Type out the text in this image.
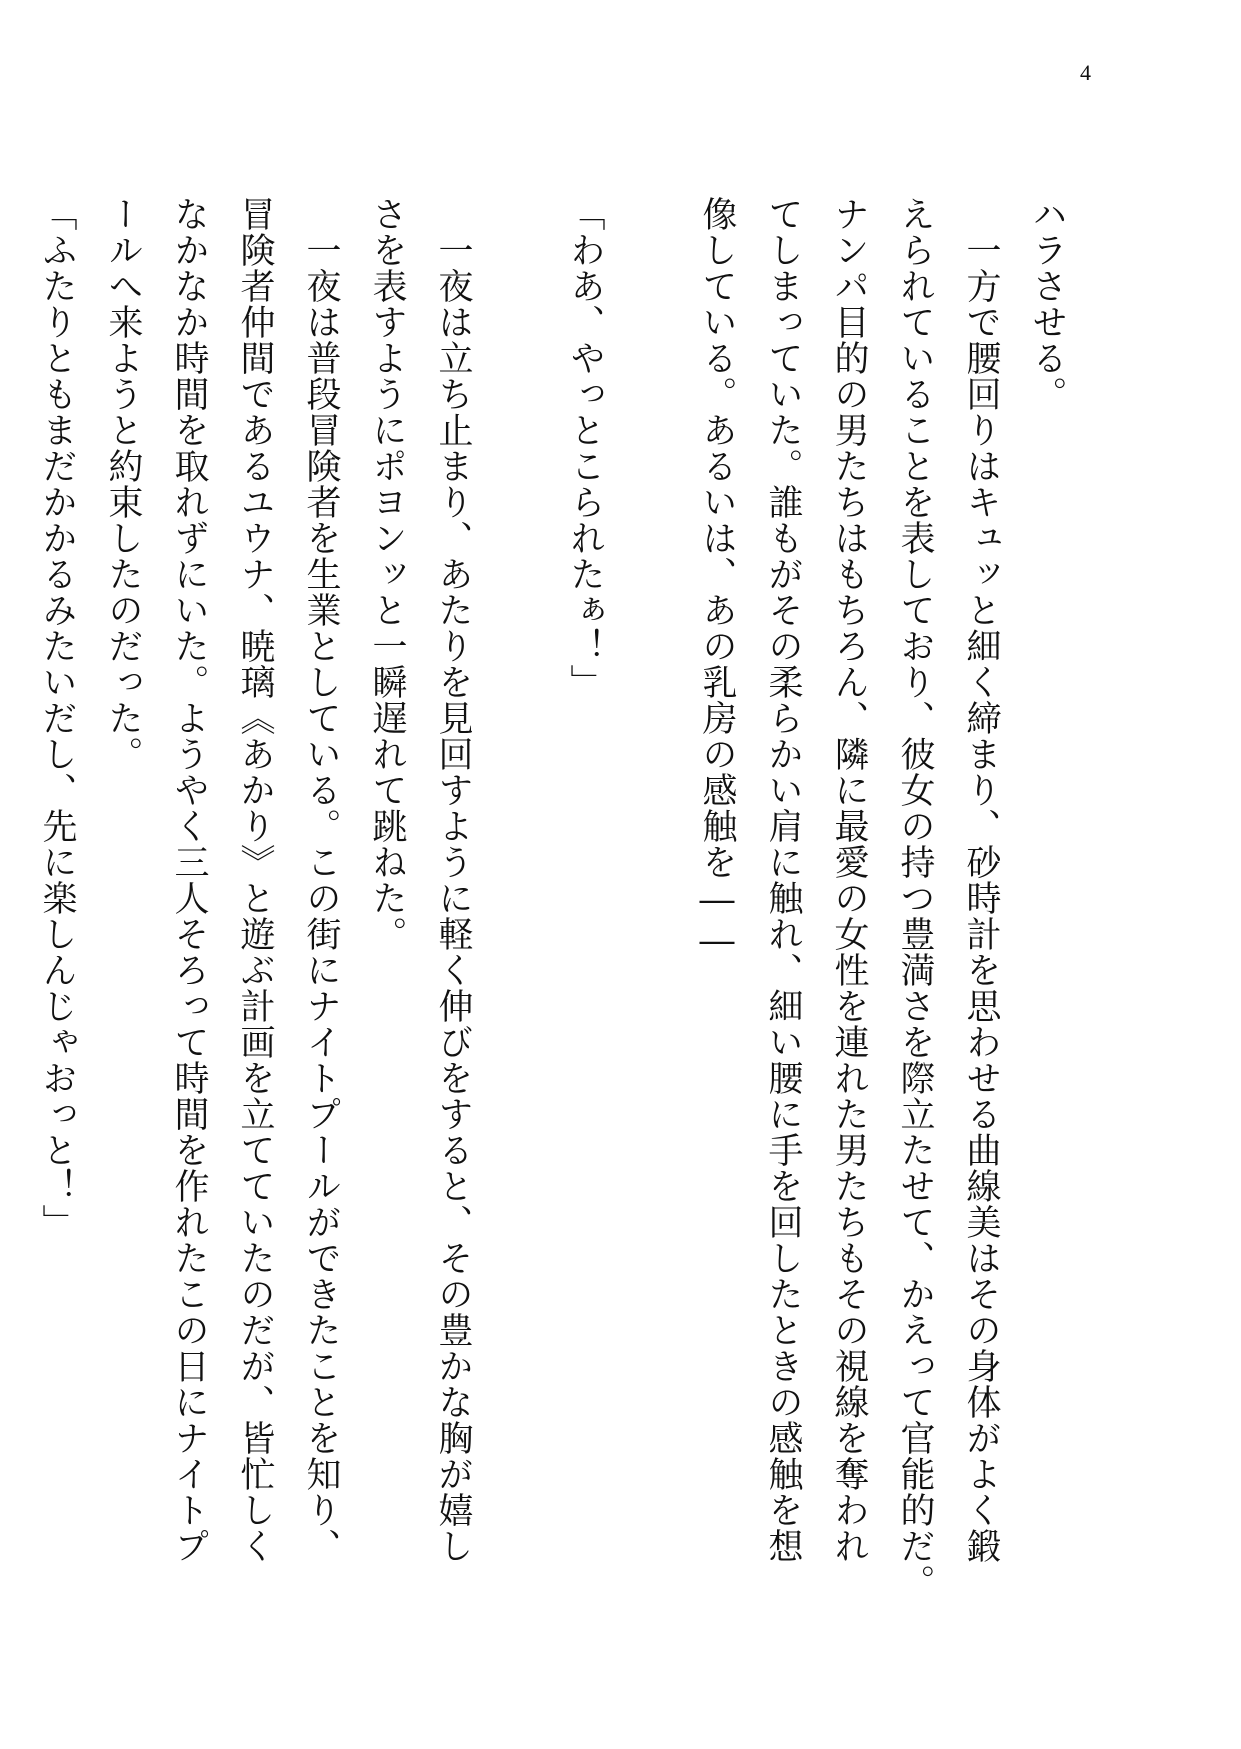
4
ハラさせる。
　一方で腰回りはキュッと細く締まり、砂時計を思わせる曲線美はその身体がよく鍛
えられていることを表しており、彼女の持つ豊満さを際立たせて、かえって官能的だ。
ナンパ目的の男たちはもちろん、隣に最愛の女性を連れた男たちもその視線を奪われ
てしまっていた。誰もがその柔らかい肩に触れ、細い腰に手を回したときの感触を想
像している。あるいは、あの乳房の感触を――
「わあ、やっとこられたぁ！」
　一夜は立ち止まり、あたりを見回すように軽く伸びをすると、その豊かな胸が嬉し
さを表すようにポヨンッと一瞬遅れて跳ねた。
　一夜は普段冒険者を生業としている。この街にナイトプールができたことを知り、
冒険者仲間であるユウナ、暁璃《あかり》と遊ぶ計画を立てていたのだが、皆忙しく
なかなか時間を取れずにいた。ようやく三人そろって時間を作れたこの日にナイトプ
ールへ来ようと約束したのだった。
「ふたりともまだかかるみたいだし、先に楽しんじゃおっと！」
